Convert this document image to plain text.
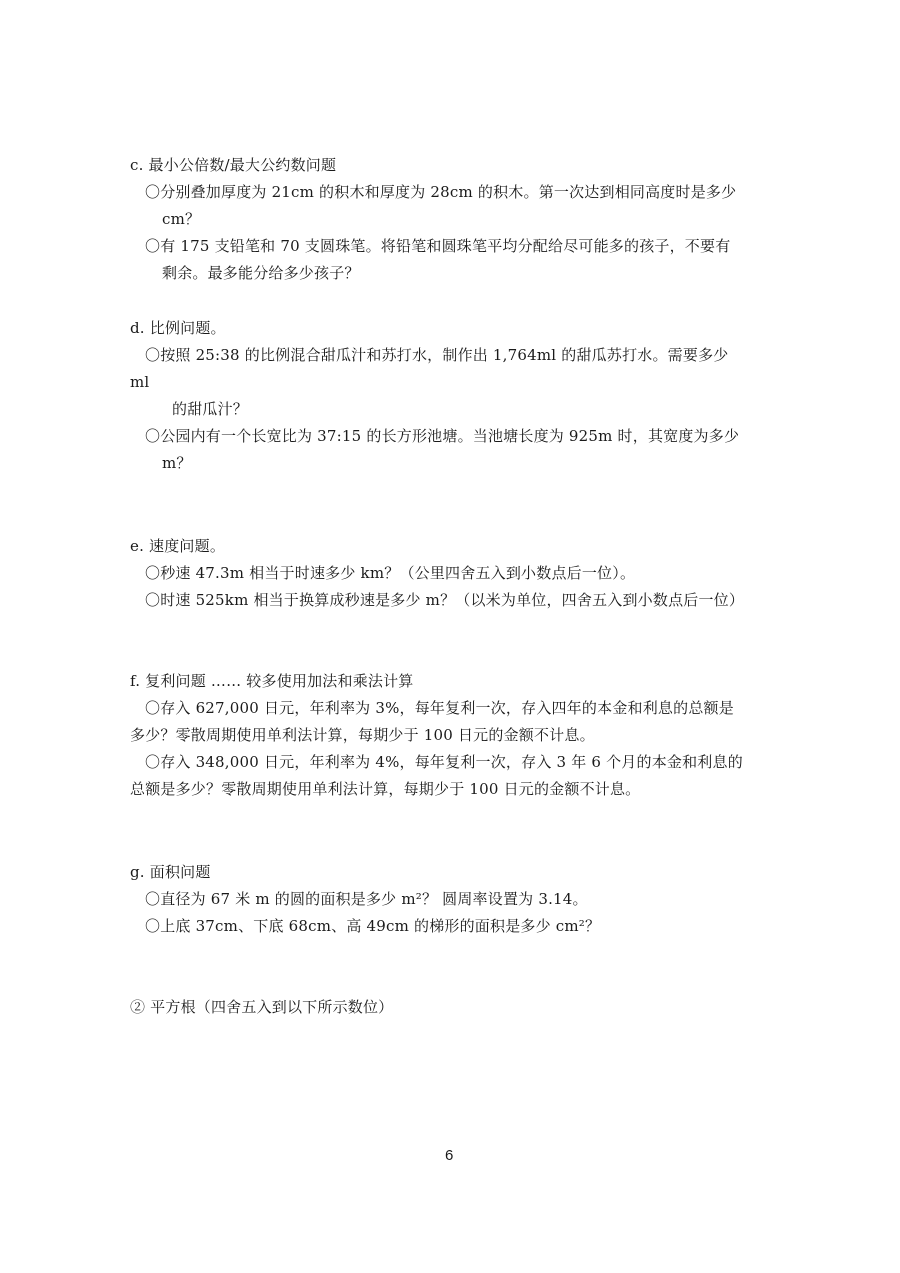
c. 最小公倍数/最大公约数问题
〇分别叠加厚度为 21cm 的积木和厚度为 28cm 的积木。第一次达到相同高度时是多少
cm？
〇有 175 支铅笔和 70 支圆珠笔。将铅笔和圆珠笔平均分配给尽可能多的孩子，不要有
剩余。最多能分给多少孩子？
d. 比例问题。
〇按照 25:38 的比例混合甜瓜汁和苏打水，制作出 1,764ml 的甜瓜苏打水。需要多少
ml
的甜瓜汁？
〇公园内有一个长宽比为 37:15 的长方形池塘。当池塘长度为 925m 时，其宽度为多少
m？
e. 速度问题。
〇秒速 47.3m 相当于时速多少 km？（公里四舍五入到小数点后一位）。
〇时速 525km 相当于换算成秒速是多少 m？（以米为单位，四舍五入到小数点后一位）
f. 复利问题 …… 较多使用加法和乘法计算
〇存入 627,000 日元，年利率为 3%，每年复利一次，存入四年的本金和利息的总额是
多少？零散周期使用单利法计算，每期少于 100 日元的金额不计息。
〇存入 348,000 日元，年利率为 4%，每年复利一次，存入 3 年 6 个月的本金和利息的
总额是多少？零散周期使用单利法计算，每期少于 100 日元的金额不计息。
g. 面积问题
〇直径为 67 米 m 的圆的面积是多少 m²？ 圆周率设置为 3.14。
〇上底 37cm、下底 68cm、高 49cm 的梯形的面积是多少 cm²？
② 平方根（四舍五入到以下所示数位）
6
